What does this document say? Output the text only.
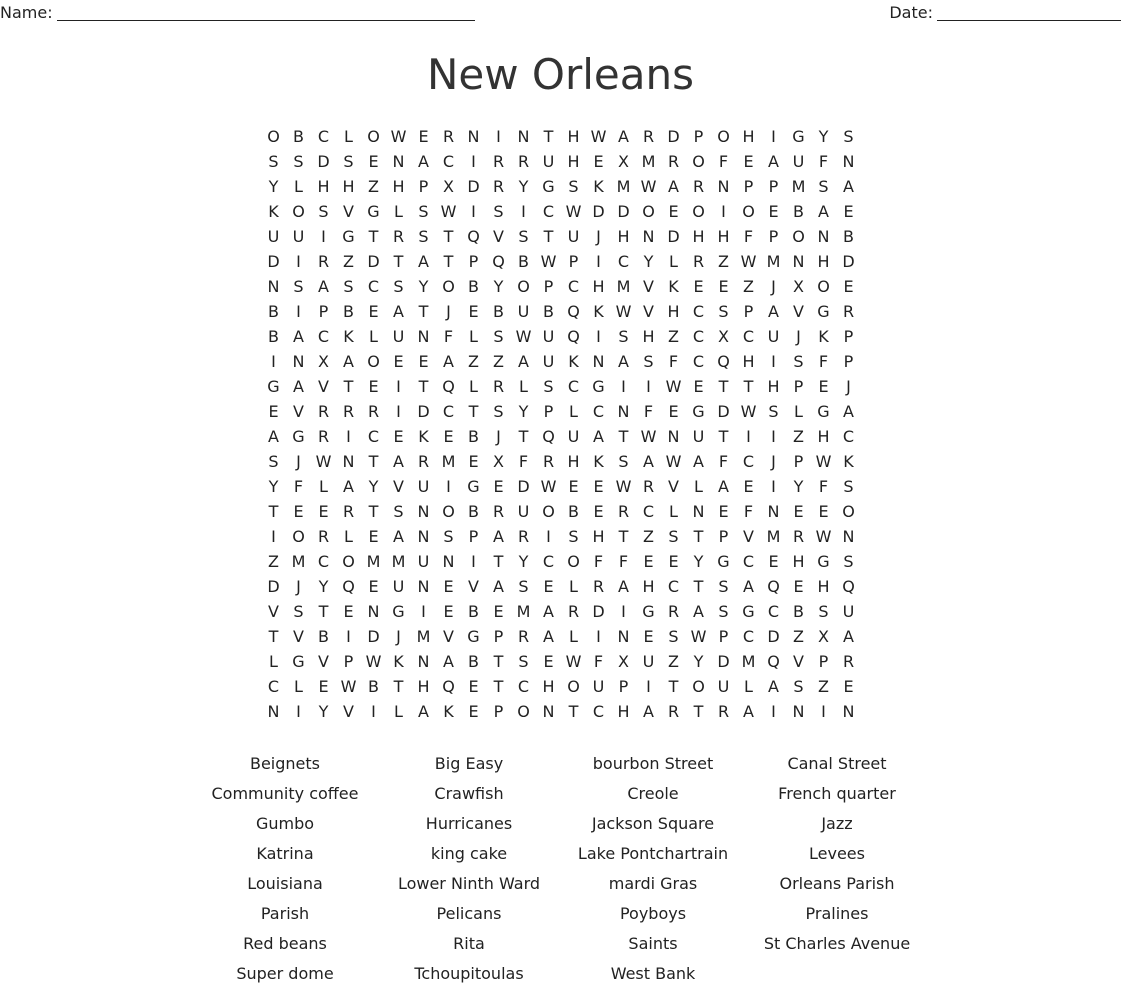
Name:	Date:
New Orleans
O B C L O W E R N	I	N T H W A R D P O H	I	G Y S
S S D S E N A C	I	R R U H E X M R O F E A U F N
Y L H H Z H P X D R Y G S K M W A R N P P M S A
K O S V G L S W I	S	I	C W D D O E O	I	O E B A E
U U	I	G T R S T Q V S T U	J	H N D H H F P O N B
D	I	R Z D T A T P Q B W P	I	C Y L R Z W M N H D
N S A S C S Y O B Y O P C H M V K E E Z	J	X O E
B	I	P B E A T	J	E B U B Q K W V H C S P A V G R
B A C K L U N F L S W U Q	I	S H Z C X C U	J	K P
I	N X A O E E A Z Z A U K N A S F C Q H	I	S F P
G A V T E	I	T Q L R L S C G	I	I W E T T H P E	J
E V R R R	I	D C T S Y P L C N F E G D W S L G A
A G R	I	C E K E B	J	T Q U A T W N U T	I	I	Z H C
S	J W N T A R M E X F R H K S A W A F C	J	P W K
Y F L A Y V U	I	G E D W E E W R V L A E	I	Y F S
T E E R T S N O B R U O B E R C L N E F N E E O
I	O R L E A N S P A R	I	S H T Z S T P V M R W N
Z M C O M M U N	I	T Y C O F F E E Y G C E H G S
D	J	Y Q E U N E V A S E L R A H C T S A Q E H Q
V S T E N G	I	E B E M A R D	I	G R A S G C B S U
T V B	I	D	J M V G P R A L	I	N E S W P C D Z X A
L G V P W K N A B T S E W F X U Z Y D M Q V P R
C L E W B T H Q E T C H O U P	I	T O U L A S Z E
N	I	Y V	I	L A K E P O N T C H A R T R A	I	N	I	N
Beignets	Big Easy	bourbon Street	Canal Street
Community coffee	Crawfish	Creole	French quarter
Gumbo	Hurricanes	Jackson Square	Jazz
Katrina	king cake	Lake Pontchartrain	Levees
Louisiana	Lower Ninth Ward	mardi Gras	Orleans Parish
Parish	Pelicans	Poyboys	Pralines
Red beans	Rita	Saints	St Charles Avenue
Super dome	Tchoupitoulas	West Bank
